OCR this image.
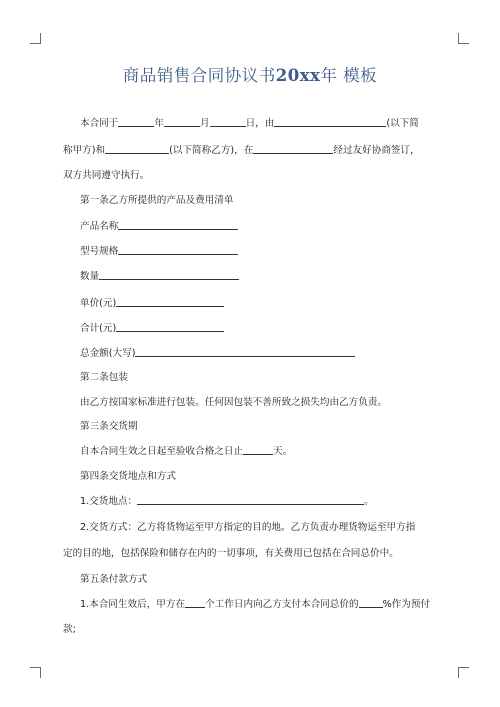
商品销售合同协议书20xx年 模板
本合同于	年	月	日，由	(以下简
称甲方)和	(以下简称乙方)，在	经过友好协商签订，
双方共同遵守执行。
第一条乙方所提供的产品及费用清单
产品名称
型号规格
数量
单价(元)
合计(元)
总金额(大写)
第二条包装
由乙方按国家标准进行包装。任何因包装不善所致之损失均由乙方负责。
第三条交货期
自本合同生效之日起至验收合格之日止	天。
第四条交货地点和方式
1.交货地点：	。
2.交货方式：乙方将货物运至甲方指定的目的地。乙方负责办理货物运至甲方指
定的目的地，包括保险和储存在内的一切事项，有关费用已包括在合同总价中。
第五条付款方式
1.本合同生效后，甲方在 个工作日内向乙方支付本合同总价的	%作为预付
款;
